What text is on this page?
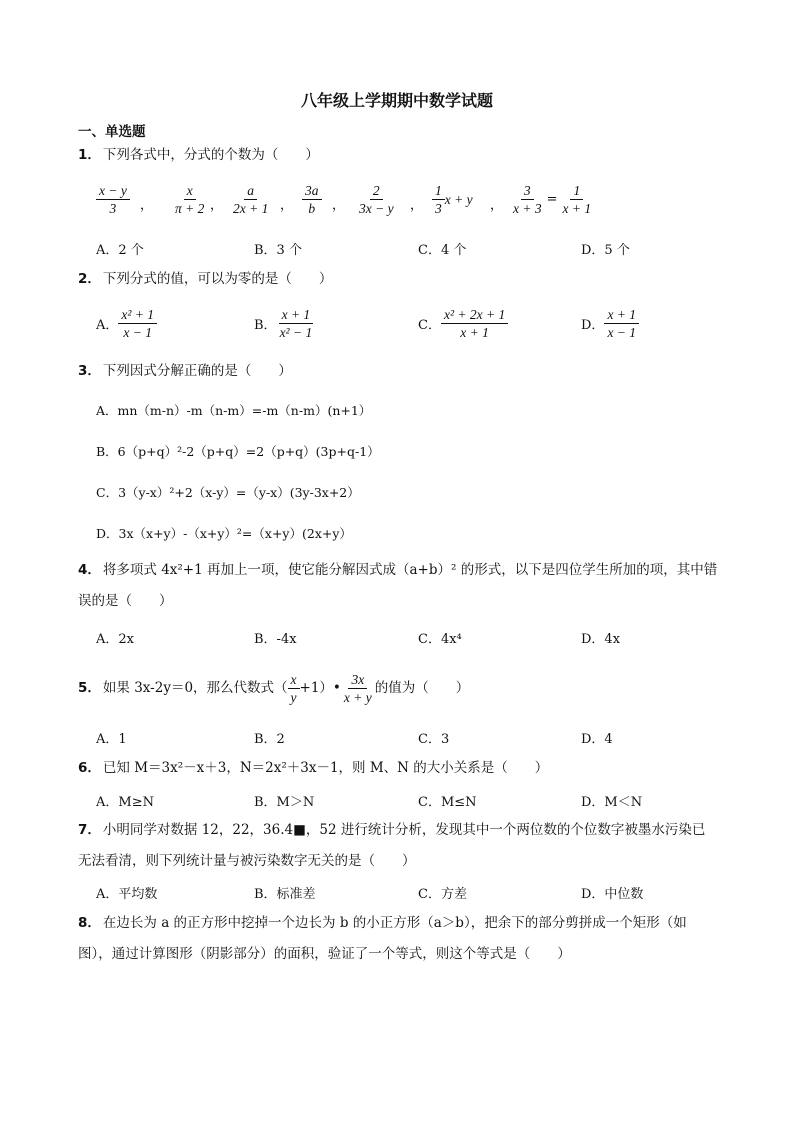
八年级上学期期中数学试题
一、单选题
1． 下列各式中，分式的个数为（　　）
$\frac{x - y}{3}$ ， $\frac{x}{\pi + 2}$ ， $\frac{a}{2x + 1}$ ， $\frac{3a}{b}$ ， $\frac{2}{3x - y}$ ， $\frac{1}{3}$ x + y ， $\frac{3}{x + 3} = \frac{1}{x + 1}$
A．2 个	B．3 个	C．4 个	D．5 个
2． 下列分式的值，可以为零的是（　　）
A． $\frac{\text{x² + 1}}{x - 1}$	B． $\frac{x + 1}{\text{x² − 1}}$	C． $\frac{\text{x² + 2x + 1}}{x + 1}$	D． $\frac{x + 1}{x - 1}$
3． 下列因式分解正确的是（　　）
A．mn（m-n）-m（n-m）=-m（n-m）(n+1）
B．6（p+q）²-2（p+q）=2（p+q）(3p+q-1）
C．3（y-x）²+2（x-y）=（y-x）(3y-3x+2）
D．3x（x+y）-（x+y）²=（x+y）(2x+y）
4． 将多项式 4x²+1 再加上一项，使它能分解因式成（a+b）² 的形式，以下是四位学生所加的项，其中错误的是（　　）
A．2x	B．-4x	C．4x⁴	D．4x
5． 如果 3x-2y＝0，那么代数式（ $\frac{x}{y}$ +1）• $\frac{3x}{x + y}$ 的值为（　　）
A．1	B．2	C．3	D．4
6． 已知 M＝3x²－x＋3，N＝2x²＋3x－1，则 M、N 的大小关系是（　　）
A．M≥N	B．M＞N	C．M≤N	D．M＜N
7． 小明同学对数据 12，22，36.4■，52 进行统计分析，发现其中一个两位数的个位数字被墨水污染已无法看清，则下列统计量与被污染数字无关的是（　　）
A．平均数	B．标准差	C．方差	D．中位数
8． 在边长为 a 的正方形中挖掉一个边长为 b 的小正方形（a＞b），把余下的部分剪拼成一个矩形（如图），通过计算图形（阴影部分）的面积，验证了一个等式，则这个等式是（　　）
